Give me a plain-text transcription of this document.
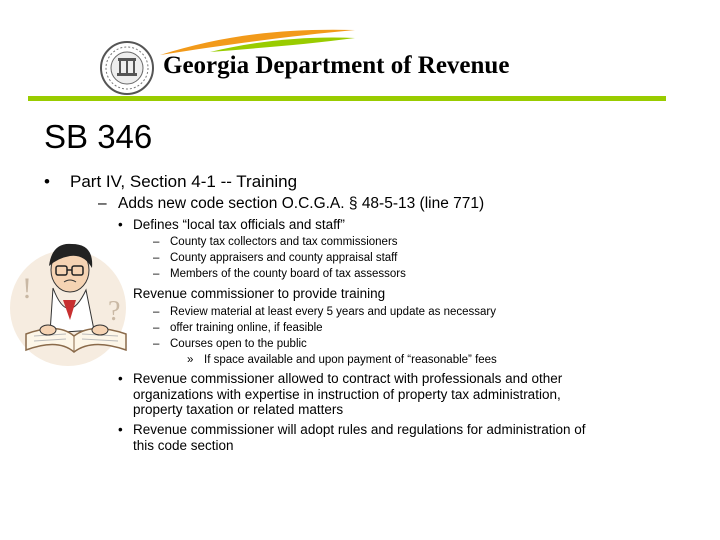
Georgia Department of Revenue
SB 346
• Part IV, Section 4-1 -- Training
– Adds new code section O.C.G.A. § 48-5-13 (line 771)
• Defines “local tax officials and staff”
– County tax collectors and tax commissioners
– County appraisers and county appraisal staff
– Members of the county board of tax assessors
Revenue commissioner to provide training
– Review material at least every 5 years and update as necessary
– offer training online, if feasible
– Courses open to the public
» If space available and upon payment of “reasonable” fees
• Revenue commissioner allowed to contract with professionals and other
organizations with expertise in instruction of property tax administration,
property taxation or related matters
• Revenue commissioner will adopt rules and regulations for administration of
this code section
!
?
